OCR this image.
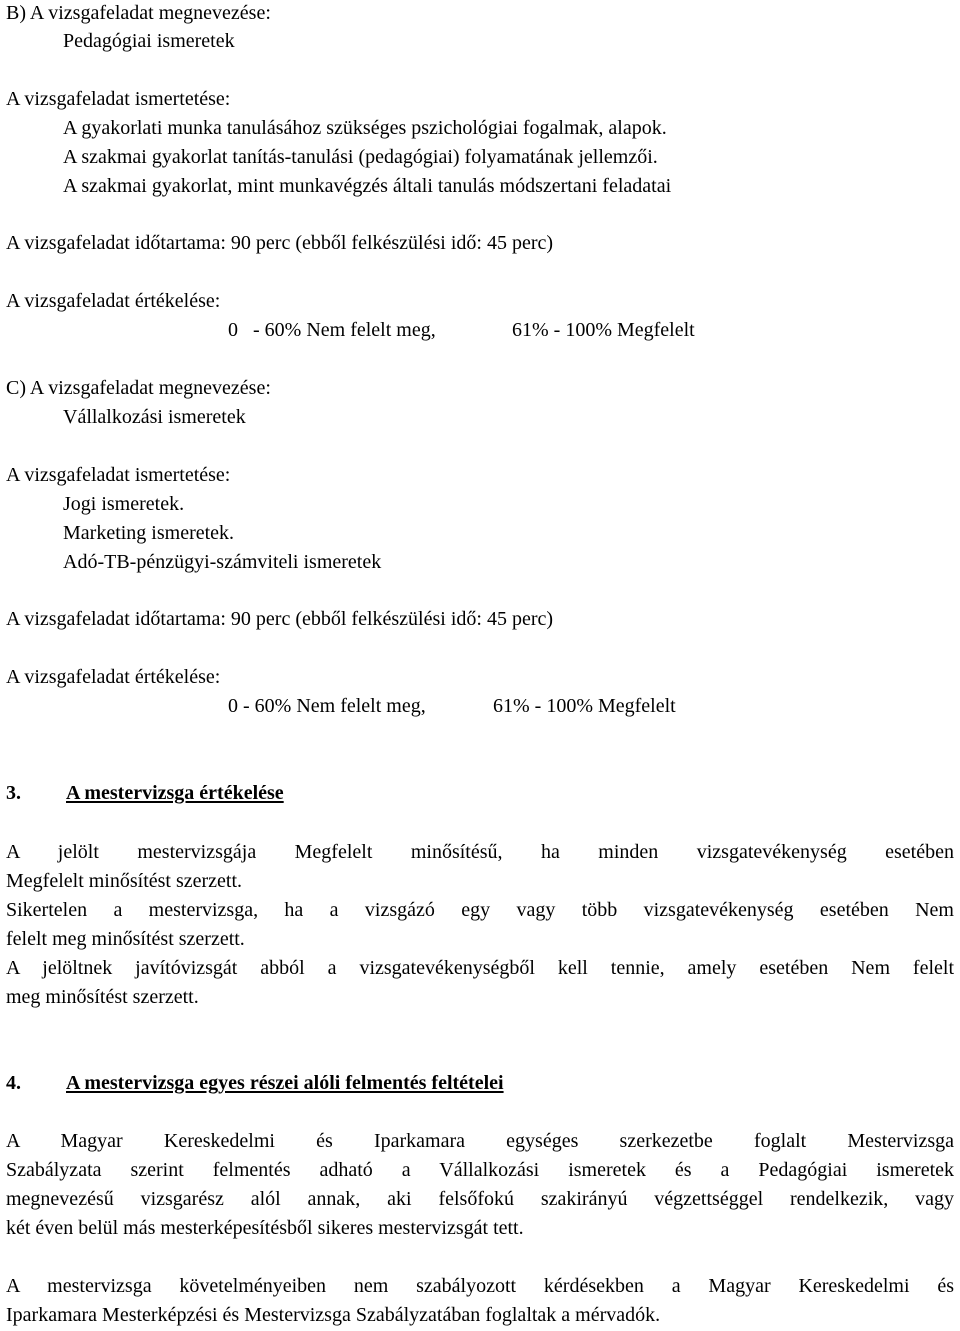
B) A vizsgafeladat megnevezése:
Pedagógiai ismeretek
A vizsgafeladat ismertetése:
A gyakorlati munka tanulásához szükséges pszichológiai fogalmak, alapok.
A szakmai gyakorlat tanítás-tanulási (pedagógiai) folyamatának jellemzői.
A szakmai gyakorlat, mint munkavégzés általi tanulás módszertani feladatai
A vizsgafeladat időtartama: 90 perc (ebből felkészülési idő: 45 perc)
A vizsgafeladat értékelése:
0   - 60% Nem felelt meg,	61% - 100% Megfelelt
C) A vizsgafeladat megnevezése:
Vállalkozási ismeretek
A vizsgafeladat ismertetése:
Jogi ismeretek.
Marketing ismeretek.
Adó-TB-pénzügyi-számviteli ismeretek
A vizsgafeladat időtartama: 90 perc (ebből felkészülési idő: 45 perc)
A vizsgafeladat értékelése:
0 - 60% Nem felelt meg,	61% - 100% Megfelelt
3. A mestervizsga értékelése
A jelölt mestervizsgája Megfelelt minősítésű, ha minden vizsgatevékenység esetében
Megfelelt minősítést szerzett.
Sikertelen a mestervizsga, ha a vizsgázó egy vagy több vizsgatevékenység esetében Nem
felelt meg minősítést szerzett.
A jelöltnek javítóvizsgát abból a vizsgatevékenységből kell tennie, amely esetében Nem felelt
meg minősítést szerzett.
4. A mestervizsga egyes részei alóli felmentés feltételei
A Magyar Kereskedelmi és Iparkamara egységes szerkezetbe foglalt Mestervizsga
Szabályzata szerint felmentés adható a Vállalkozási ismeretek és a Pedagógiai ismeretek
megnevezésű vizsgarész alól annak, aki felsőfokú szakirányú végzettséggel rendelkezik, vagy
két éven belül más mesterképesítésből sikeres mestervizsgát tett.
A mestervizsga követelményeiben nem szabályozott kérdésekben a Magyar Kereskedelmi és
Iparkamara Mesterképzési és Mestervizsga Szabályzatában foglaltak a mérvadók.
